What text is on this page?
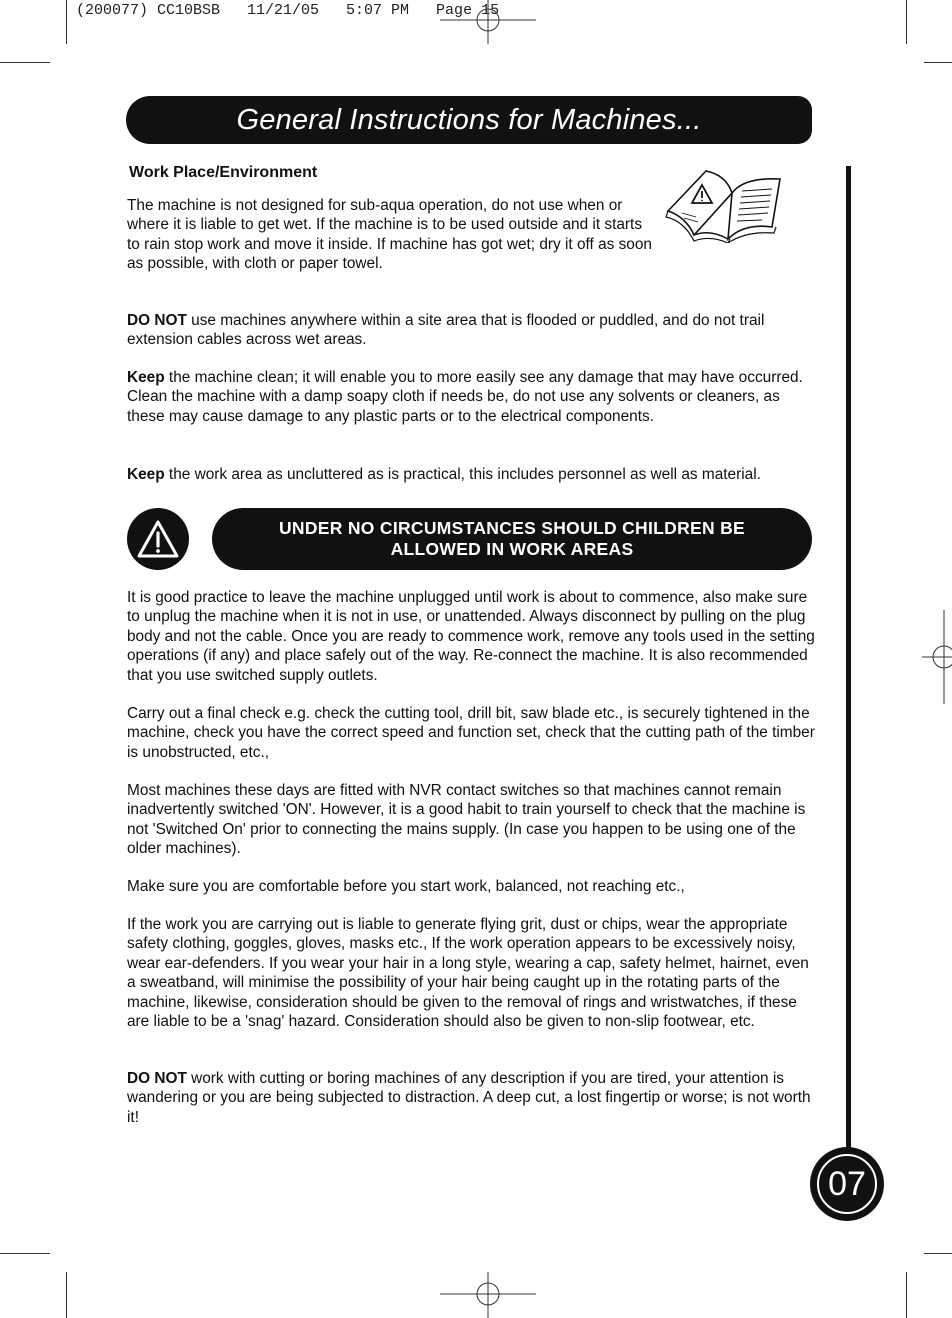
(200077) CC10BSB   11/21/05   5:07 PM   Page 15
General Instructions for Machines...
Work Place/Environment

The machine is not designed for sub-aqua operation, do not use when or where it is liable to get wet. If the machine is to be used outside and it starts to rain stop work and move it inside. If machine has got wet; dry it off as soon as possible, with cloth or paper towel.

DO NOT use machines anywhere within a site area that is flooded or puddled, and do not trail extension cables across wet areas.

Keep the machine clean; it will enable you to more easily see any damage that may have occurred. Clean the machine with a damp soapy cloth if needs be, do not use any solvents or cleaners, as these may cause damage to any plastic parts or to the electrical components.

Keep the work area as uncluttered as is practical, this includes personnel as well as material.

UNDER NO CIRCUMSTANCES SHOULD CHILDREN BE
ALLOWED IN WORK AREAS

It is good practice to leave the machine unplugged until work is about to commence, also make sure to unplug the machine when it is not in use, or unattended. Always disconnect by pulling on the plug body and not the cable. Once you are ready to commence work, remove any tools used in the setting operations (if any) and place safely out of the way. Re-connect the machine. It is also recommended that you use switched supply outlets.

Carry out a final check e.g. check the cutting tool, drill bit, saw blade etc., is securely tightened in the machine, check you have the correct speed and function set, check that the cutting path of the timber is unobstructed, etc.,

Most machines these days are fitted with NVR contact switches so that machines cannot remain inadvertently switched 'ON'. However, it is a good habit to train yourself to check that the machine is not 'Switched On' prior to connecting the mains supply. (In case you happen to be using one of the older machines).

Make sure you are comfortable before you start work, balanced, not reaching etc.,

If the work you are carrying out is liable to generate flying grit, dust or chips, wear the appropriate safety clothing, goggles, gloves, masks etc., If the work operation appears to be excessively noisy, wear ear-defenders. If you wear your hair in a long style, wearing a cap, safety helmet, hairnet, even a sweatband, will minimise the possibility of your hair being caught up in the rotating parts of the machine, likewise, consideration should be given to the removal of rings and wristwatches, if these are liable to be a 'snag' hazard. Consideration should also be given to non-slip footwear, etc.

DO NOT work with cutting or boring machines of any description if you are tired, your attention is wandering or you are being subjected to distraction. A deep cut, a lost fingertip or worse; is not worth it!

07
